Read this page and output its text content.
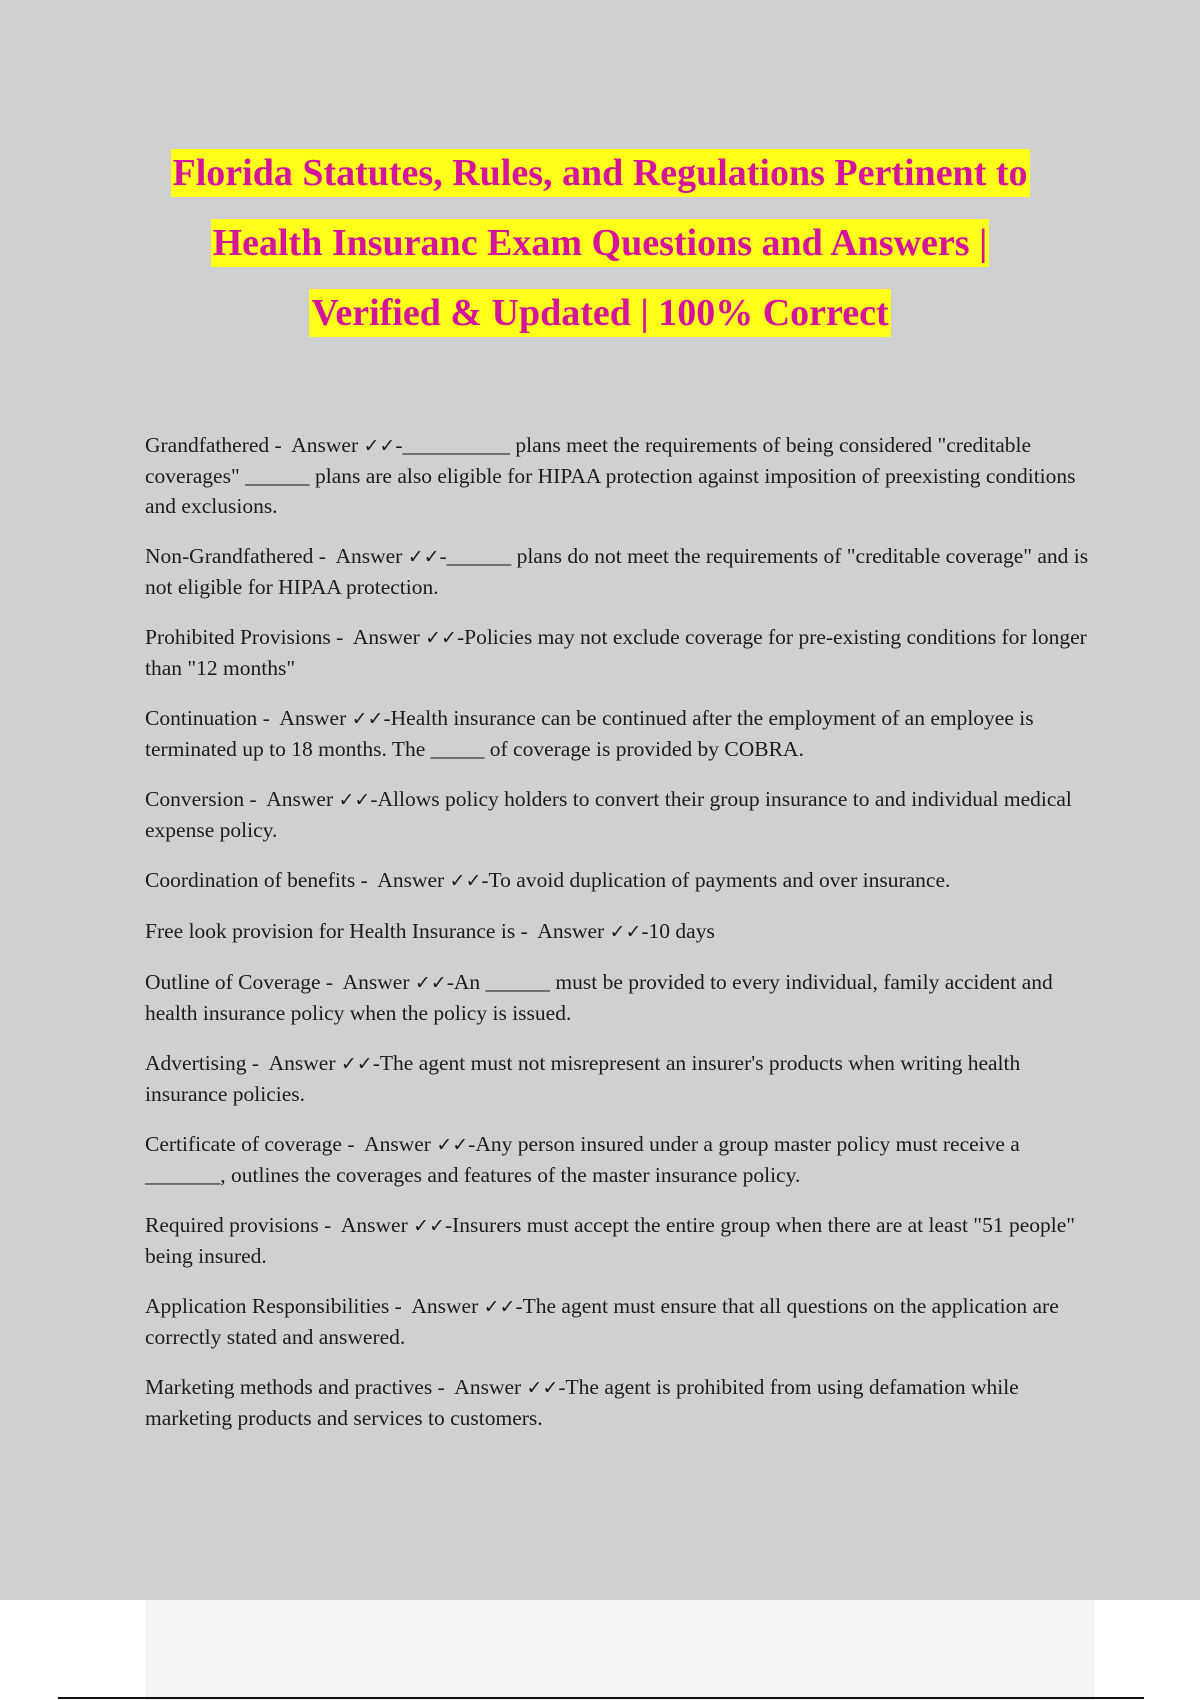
Florida Statutes, Rules, and Regulations Pertinent to
Health Insuranc Exam Questions and Answers |
Verified & Updated | 100% Correct

Grandfathered -  Answer ✓✓-__________ plans meet the requirements of being considered "creditable coverages" ______ plans are also eligible for HIPAA protection against imposition of preexisting conditions and exclusions.

Non-Grandfathered -  Answer ✓✓-______ plans do not meet the requirements of "creditable coverage" and is not eligible for HIPAA protection.

Prohibited Provisions -  Answer ✓✓-Policies may not exclude coverage for pre-existing conditions for longer than "12 months"

Continuation -  Answer ✓✓-Health insurance can be continued after the employment of an employee is terminated up to 18 months. The _____ of coverage is provided by COBRA.

Conversion -  Answer ✓✓-Allows policy holders to convert their group insurance to and individual medical expense policy.

Coordination of benefits -  Answer ✓✓-To avoid duplication of payments and over insurance.

Free look provision for Health Insurance is -  Answer ✓✓-10 days

Outline of Coverage -  Answer ✓✓-An ______ must be provided to every individual, family accident and health insurance policy when the policy is issued.

Advertising -  Answer ✓✓-The agent must not misrepresent an insurer's products when writing health insurance policies.

Certificate of coverage -  Answer ✓✓-Any person insured under a group master policy must receive a _______, outlines the coverages and features of the master insurance policy.

Required provisions -  Answer ✓✓-Insurers must accept the entire group when there are at least "51 people" being insured.

Application Responsibilities -  Answer ✓✓-The agent must ensure that all questions on the application are correctly stated and answered.

Marketing methods and practives -  Answer ✓✓-The agent is prohibited from using defamation while marketing products and services to customers.
